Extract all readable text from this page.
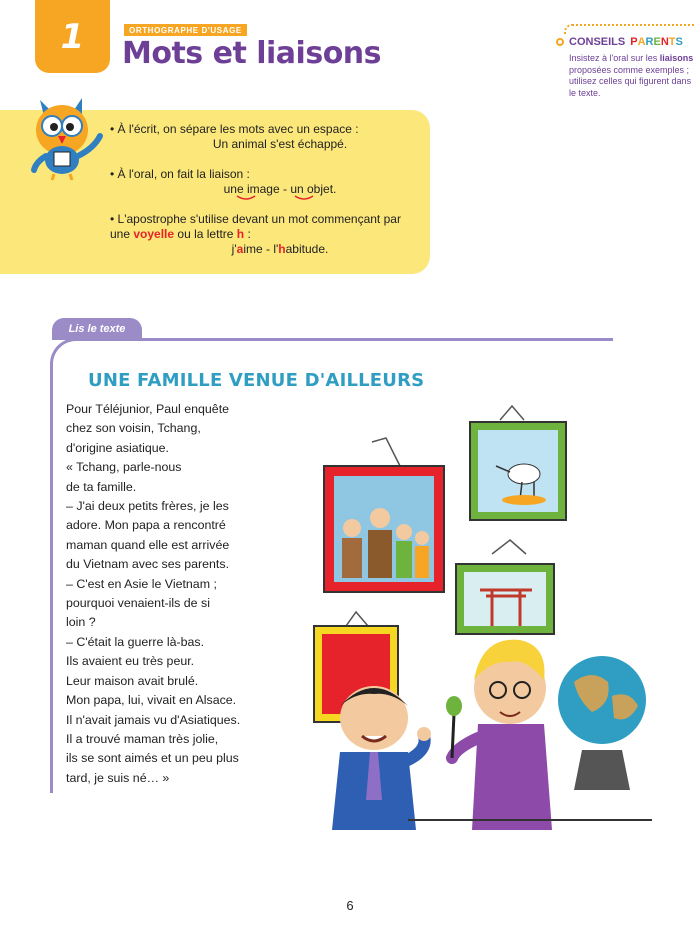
1	ORTHOGRAPHE D'USAGE
Mots et liaisons	CONSEILS PARENTS
Insistez à l'oral sur les liaisons proposées comme exemples ; utilisez celles qui figurent dans le texte.
• À l'écrit, on sépare les mots avec un espace :
Un animal s'est échappé.
• À l'oral, on fait la liaison :
une
image - un
objet.
• L'apostrophe s'utilise devant un mot commençant par une voyelle ou la lettre h :
j'aime - l'habitude.
Lis le texte
UNE FAMILLE VENUE D'AILLEURS
Pour Téléjunior, Paul enquête
chez son voisin, Tchang,
d'origine asiatique.
« Tchang, parle-nous
de ta famille.
– J'ai deux petits frères, je les
adore. Mon papa a rencontré
maman quand elle est arrivée
du Vietnam avec ses parents.
– C'est en Asie le Vietnam ;
pourquoi venaient-ils de si
loin ?
– C'était la guerre là-bas.
Ils avaient eu très peur.
Leur maison avait brulé.
Mon papa, lui, vivait en Alsace.
Il n'avait jamais vu d'Asiatiques.
Il a trouvé maman très jolie,
ils se sont aimés et un peu plus
tard, je suis né… »
6
